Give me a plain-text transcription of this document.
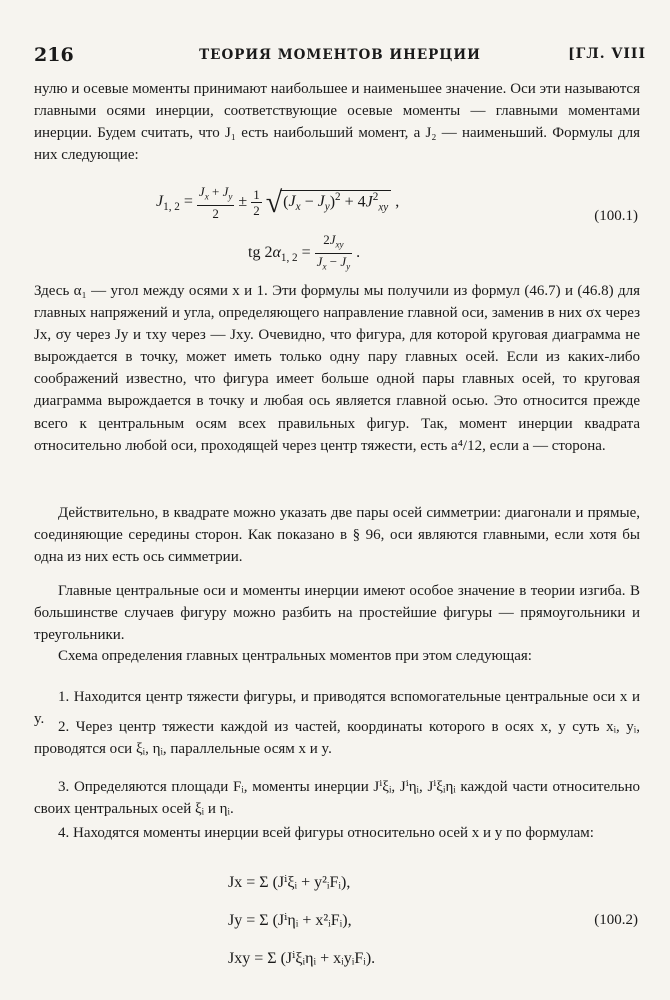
216	ТЕОРИЯ МОМЕНТОВ ИНЕРЦИИ	[ГЛ. VIII

нулю и осевые моменты принимают наибольшее и наименьшее значение. Оси эти называются главными осями инерции, соответствующие осевые моменты — главными моментами инерции. Будем считать, что J₁ есть наибольший момент, а J₂ — наименьший. Формулы для них следующие:

$J_{1, 2} = \frac{J_x + J_y}{2} \pm \frac{1}{2} √(J_x - J_y)^2 + 4J^2_{xy}$ ,
tg $2\alpha_{1, 2} = \frac{2J_{xy}}{J_x - J_y}$ .
(100.1)

Здесь α₁ — угол между осями x и 1. Эти формулы мы получили из формул (46.7) и (46.8) для главных напряжений и угла, определяющего направление главной оси, заменив в них σx через Jx, σy через Jy и τxy через — Jxy. Очевидно, что фигура, для которой круговая диаграмма не вырождается в точку, может иметь только одну пару главных осей. Если из каких-либо соображений известно, что фигура имеет больше одной пары главных осей, то круговая диаграмма вырождается в точку и любая ось является главной осью. Это относится прежде всего к центральным осям всех правильных фигур. Так, момент инерции квадрата относительно любой оси, проходящей через центр тяжести, есть a⁴/12, если a — сторона.

Действительно, в квадрате можно указать две пары осей симметрии: диагонали и прямые, соединяющие середины сторон. Как показано в § 96, оси являются главными, если хотя бы одна из них есть ось симметрии.

Главные центральные оси и моменты инерции имеют особое значение в теории изгиба. В большинстве случаев фигуру можно разбить на простейшие фигуры — прямоугольники и треугольники.

Схема определения главных центральных моментов при этом следующая:

1. Находится центр тяжести фигуры, и приводятся вспомогательные центральные оси x и y. 2. Через центр тяжести каждой из частей, координаты которого в осях x, y суть xᵢ, yᵢ, проводятся оси ξᵢ, ηᵢ, параллельные осям x и y.

3. Определяются площади Fᵢ, моменты инерции Jⁱξᵢ, Jⁱηᵢ, Jⁱξᵢηᵢ каждой части относительно своих центральных осей ξᵢ и ηᵢ.

4. Находятся моменты инерции всей фигуры относительно осей x и y по формулам:

Jx = Σ (Jⁱξᵢ + y²ᵢFᵢ),
Jy = Σ (Jⁱηᵢ + x²ᵢFᵢ),
Jxy = Σ (Jⁱξᵢηᵢ + xᵢyᵢFᵢ).
(100.2)
